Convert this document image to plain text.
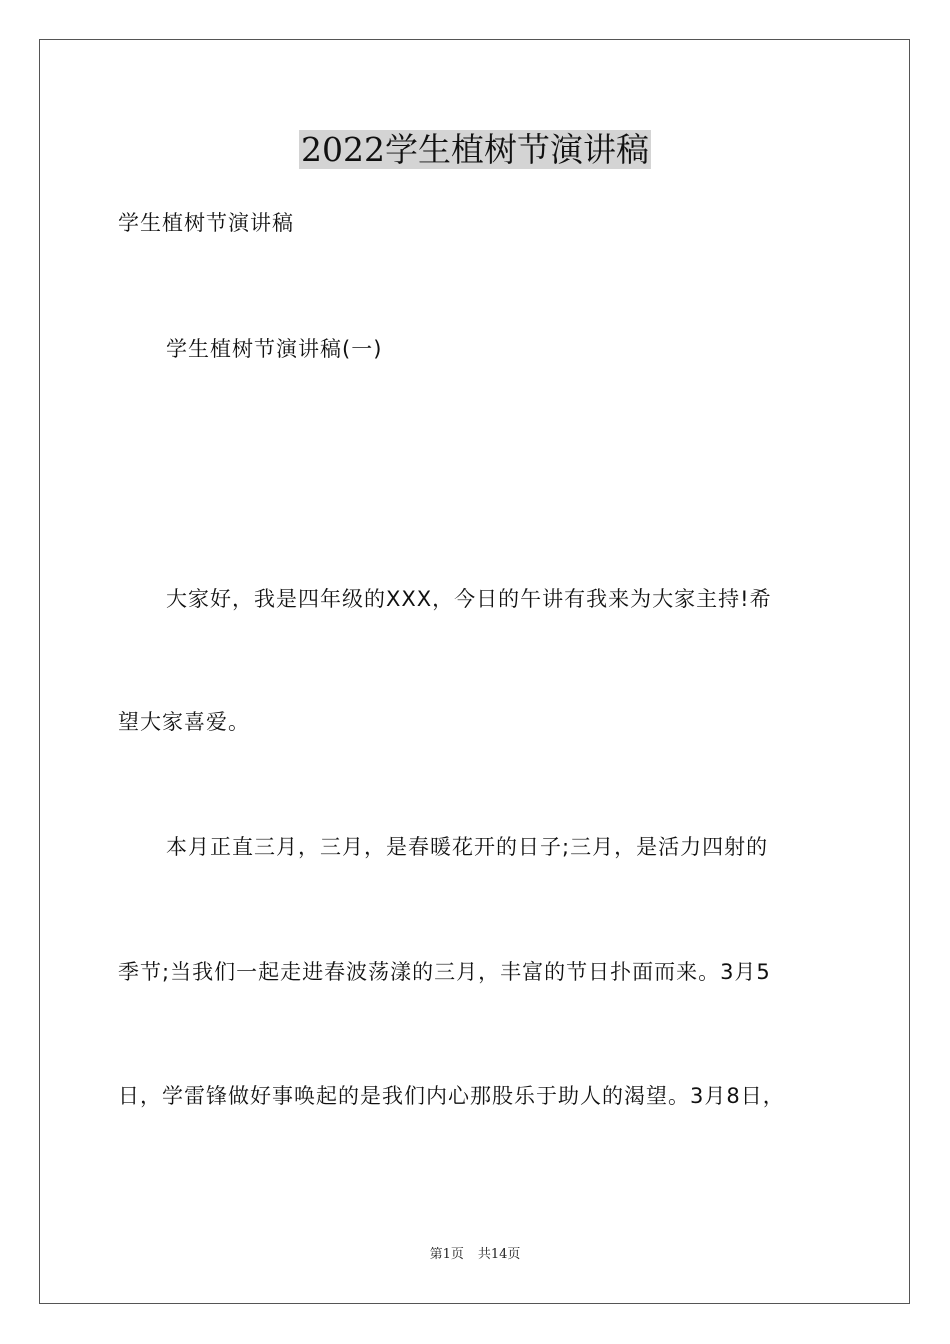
2022学生植树节演讲稿
学生植树节演讲稿
学生植树节演讲稿(一)
大家好，我是四年级的XXX，今日的午讲有我来为大家主持!希
望大家喜爱。
本月正直三月，三月，是春暖花开的日子;三月，是活力四射的
季节;当我们一起走进春波荡漾的三月，丰富的节日扑面而来。3月5
日，学雷锋做好事唤起的是我们内心那股乐于助人的渴望。3月8日，
第1页 共14页
